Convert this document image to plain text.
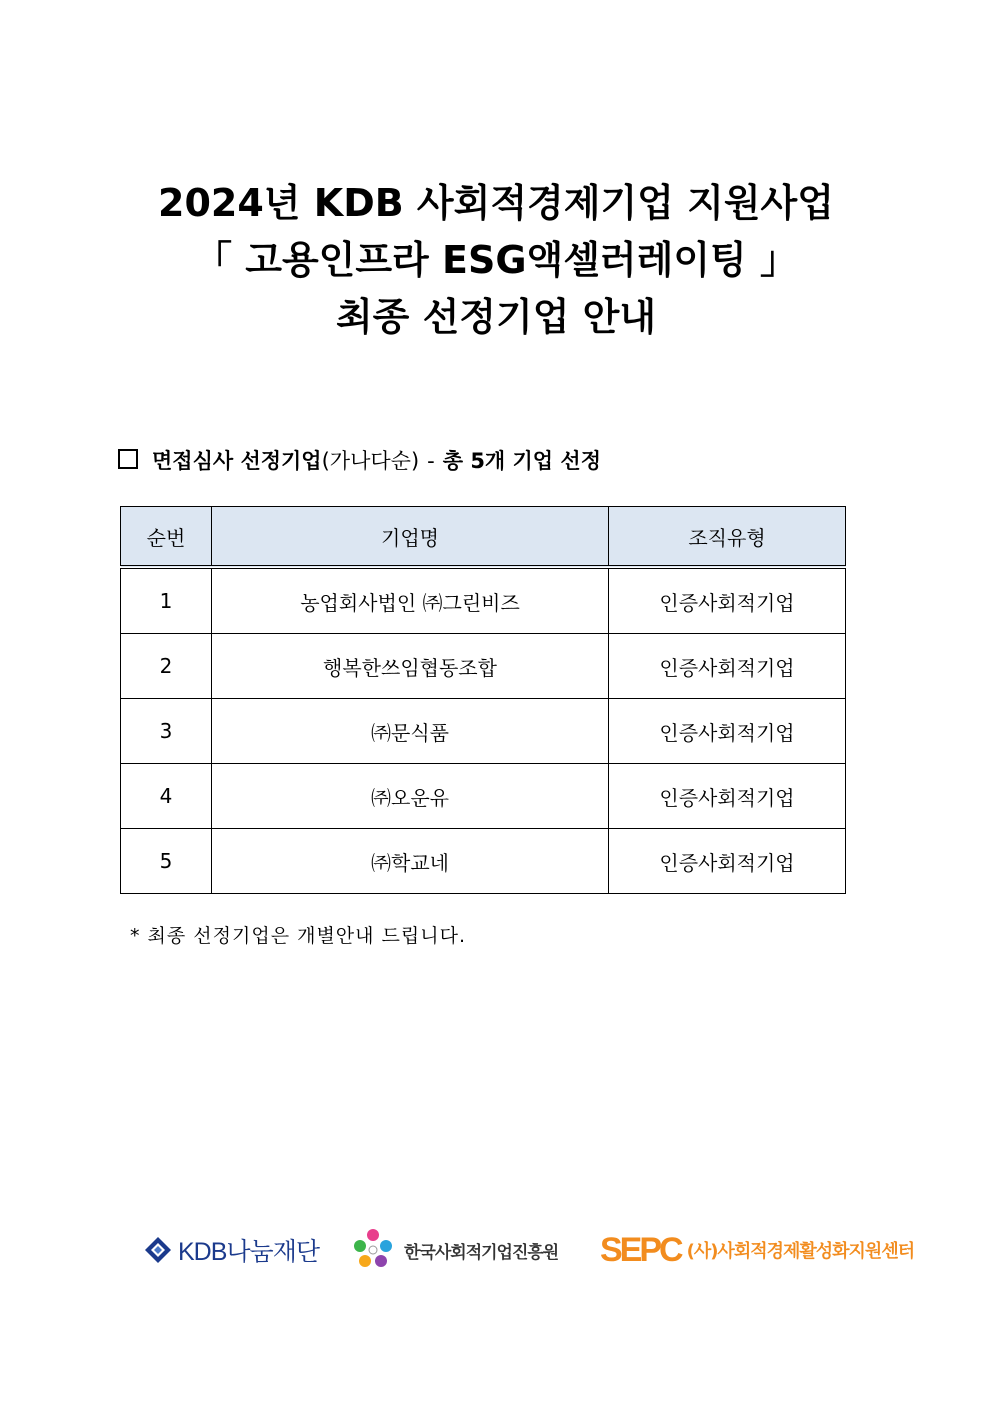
2024년 KDB 사회적경제기업 지원사업
「 고용인프라 ESG액셀러레이팅 」
최종 선정기업 안내
면접심사 선정기업(가나다순) - 총 5개 기업 선정
순번	기업명	조직유형
1	농업회사법인 ㈜그린비즈	인증사회적기업
2	행복한쓰임협동조합	인증사회적기업
3	㈜문식품	인증사회적기업
4	㈜오운유	인증사회적기업
5	㈜학교네	인증사회적기업
* 최종 선정기업은 개별안내 드립니다.
KDB나눔재단	한국사회적기업진흥원 SEPC (사)사회적경제활성화지원센터
